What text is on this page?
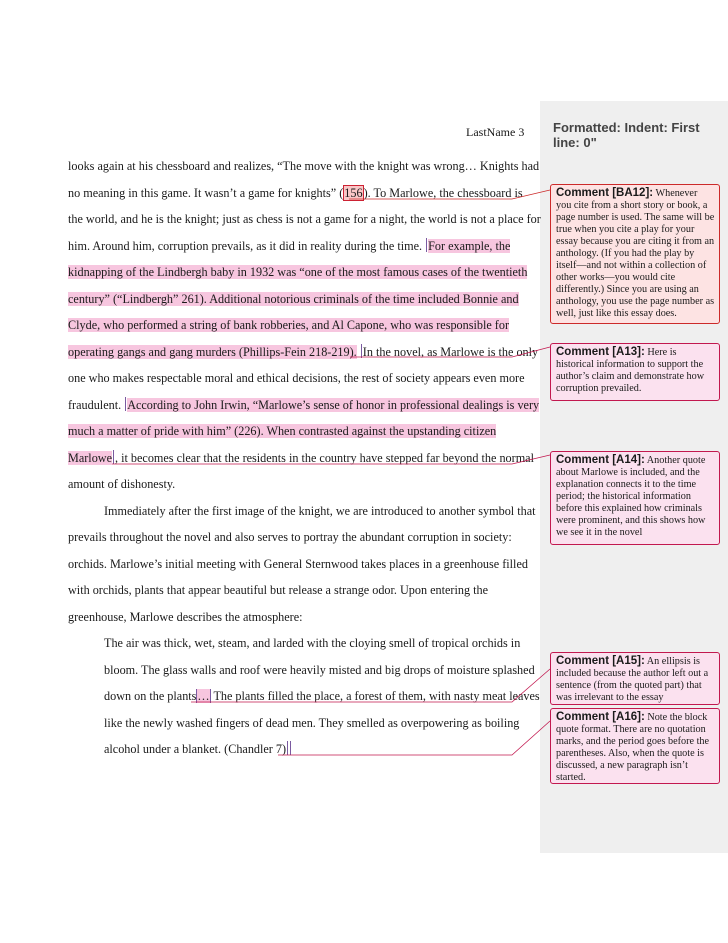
Formatted: Indent: First line: 0"
LastName 3
looks again at his chessboard and realizes, “The move with the knight was wrong… Knights had
no meaning in this game. It wasn’t a game for knights” (156). To Marlowe, the chessboard is
the world, and he is the knight; just as chess is not a game for a night, the world is not a place for
him. Around him, corruption prevails, as it did in reality during the time. For example, the
kidnapping of the Lindbergh baby in 1932 was “one of the most famous cases of the twentieth
century” (“Lindbergh” 261). Additional notorious criminals of the time included Bonnie and
Clyde, who performed a string of bank robberies, and Al Capone, who was responsible for
operating gangs and gang murders (Phillips-Fein 218-219). In the novel, as Marlowe is the only
one who makes respectable moral and ethical decisions, the rest of society appears even more
fraudulent. According to John Irwin, “Marlowe’s sense of honor in professional dealings is very
much a matter of pride with him” (226). When contrasted against the upstanding citizen
Marlowe , it becomes clear that the residents in the country have stepped far beyond the normal
amount of dishonesty.
Immediately after the first image of the knight, we are introduced to another symbol that
prevails throughout the novel and also serves to portray the abundant corruption in society:
orchids. Marlowe’s initial meeting with General Sternwood takes places in a greenhouse filled
with orchids, plants that appear beautiful but release a strange odor. Upon entering the
greenhouse, Marlowe describes the atmosphere:
The air was thick, wet, steam, and larded with the cloying smell of tropical orchids in
bloom. The glass walls and roof were heavily misted and big drops of moisture splashed
down on the plants… The plants filled the place, a forest of them, with nasty meat leaves
like the newly washed fingers of dead men. They smelled as overpowering as boiling
alcohol under a blanket. (Chandler 7)
Comment [BA12]: Whenever you cite from a short story or book, a page number is used. The same will be true when you cite a play for your essay because you are citing it from an anthology. (If you had the play by itself—and not within a collection of other works—you would cite differently.) Since you are using an anthology, you use the page number as well, just like this essay does.
Comment [A13]: Here is historical information to support the author’s claim and demonstrate how corruption prevailed.
Comment [A14]: Another quote about Marlowe is included, and the explanation connects it to the time period; the historical information before this explained how criminals were prominent, and this shows how we see it in the novel
Comment [A15]: An ellipsis is included because the author left out a sentence (from the quoted part) that was irrelevant to the essay
Comment [A16]: Note the block quote format. There are no quotation marks, and the period goes before the parentheses. Also, when the quote is discussed, a new paragraph isn’t started.
